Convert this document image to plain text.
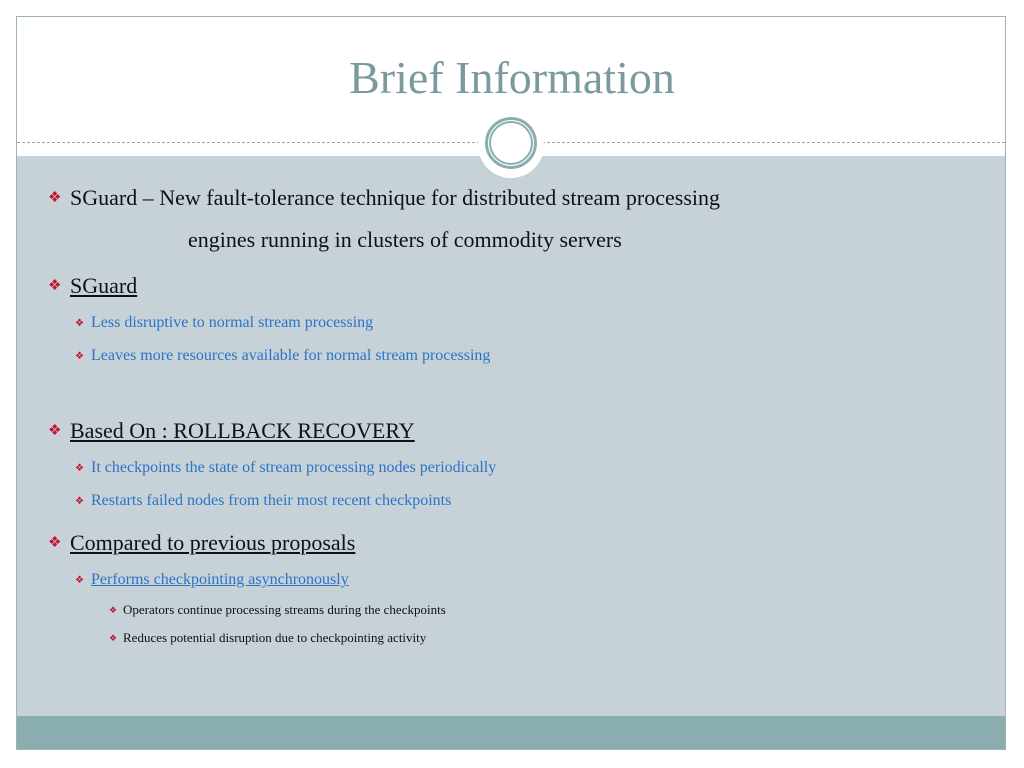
Brief Information
❖ SGuard – New fault-tolerance technique for distributed stream processing
engines running in clusters of commodity servers
❖ SGuard
❖ Less disruptive to normal stream processing
❖ Leaves more resources available for normal stream processing
❖ Based On : ROLLBACK RECOVERY
❖ It checkpoints the state of stream processing nodes periodically
❖ Restarts failed nodes from their most recent checkpoints
❖ Compared to previous proposals
❖ Performs checkpointing asynchronously
❖ Operators continue processing streams during the checkpoints
❖ Reduces potential disruption due to checkpointing activity
